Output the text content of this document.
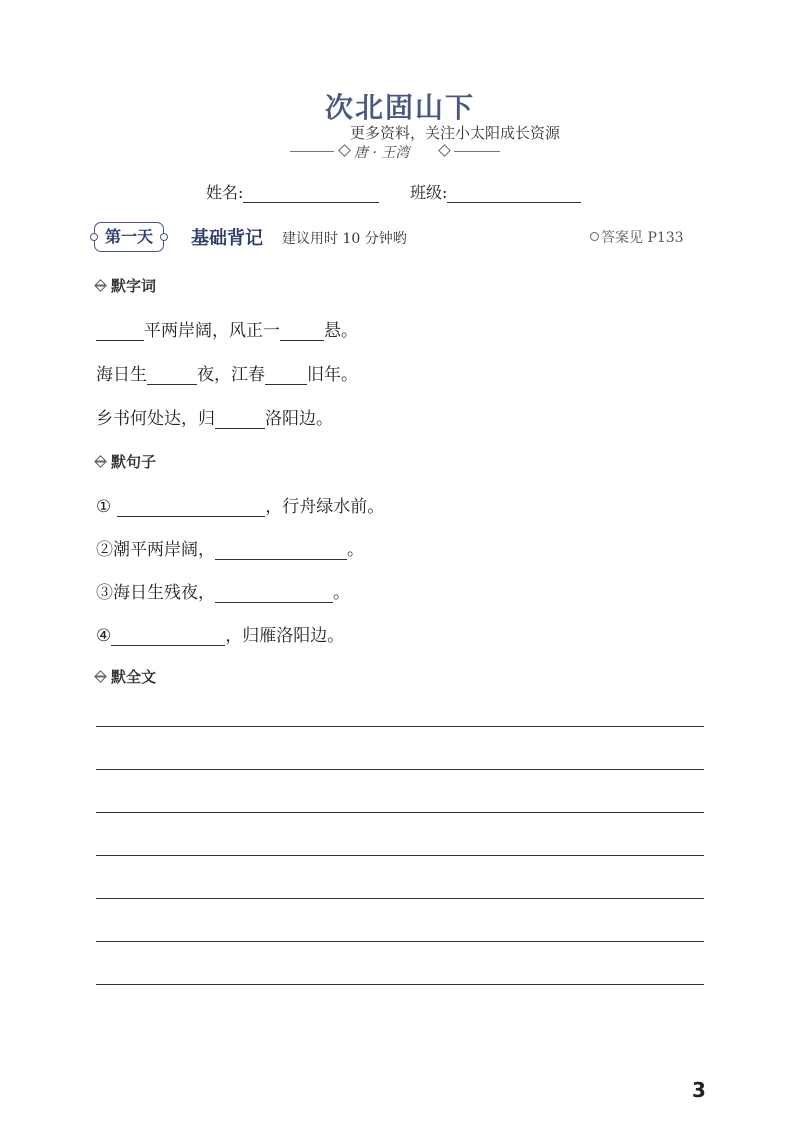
次北固山下
更多资料，关注小太阳成长资源
唐 · 王湾
姓名:	班级:
第一天	基础背记 建议用时 10 分钟哟	答案见 P133
默字词
平两岸阔，风正一	悬。
海日生	夜，江春 旧年。
乡书何处达，归	洛阳边。
默句子
①	，行舟绿水前。
②潮平两岸阔，	。
③海日生残夜，	。
④	，归雁洛阳边。
默全文
3
